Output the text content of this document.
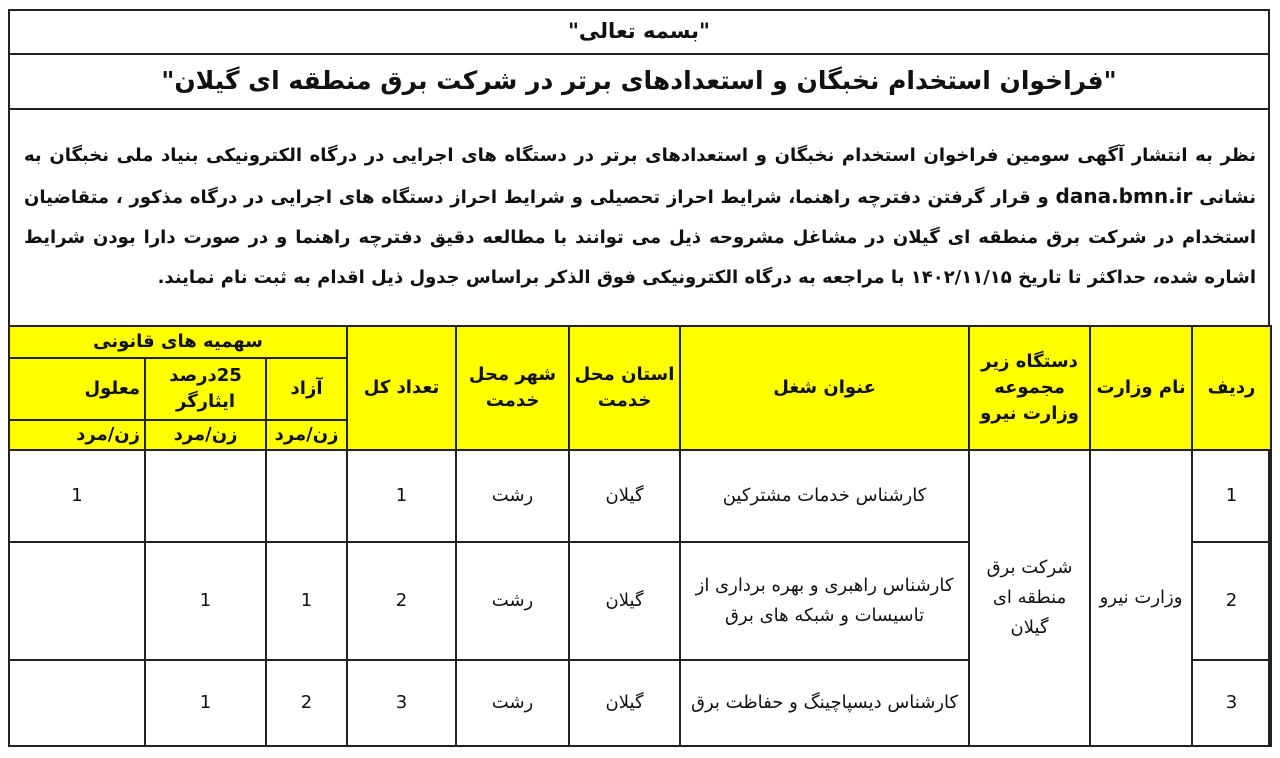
"بسمه تعالی"
"فراخوان استخدام نخبگان و استعدادهای برتر در شرکت برق منطقه ای گیلان"
نظر به انتشار آگهی سومین فراخوان استخدام نخبگان و استعدادهای برتر در دستگاه های اجرایی در درگاه الکترونیکی بنیاد ملی نخبگان به نشانی dana.bmn.ir و قرار گرفتن دفترچه راهنما، شرایط احراز تحصیلی و شرایط احراز دستگاه های اجرایی در درگاه مذکور ، متقاضیان استخدام در شرکت برق منطقه ای گیلان در مشاغل مشروحه ذیل می توانند با مطالعه دقیق دفترچه راهنما و در صورت دارا بودن شرایط اشاره شده، حداکثر تا تاریخ ۱۴۰۲/۱۱/۱۵ با مراجعه به درگاه الکترونیکی فوق الذکر براساس جدول ذیل اقدام به ثبت نام نمایند.
ردیف	نام وزارت	دستگاه زیر مجموعه وزارت نیرو	عنوان شغل	استان محل خدمت	شهر محل خدمت	تعداد کل	سهمیه های قانونی		
							آزاد	25درصد ایثارگر	معلول
							زن/مرد	زن/مرد	زن/مرد
1	وزارت نیرو	شرکت برق منطقه ای گیلان	کارشناس خدمات مشترکین	گیلان	رشت	1			1
2			کارشناس راهبری و بهره برداری از تاسیسات و شبکه های برق	گیلان	رشت	2	1	1	
3			کارشناس دیسپاچینگ و حفاظت برق	گیلان	رشت	3	2	1	
